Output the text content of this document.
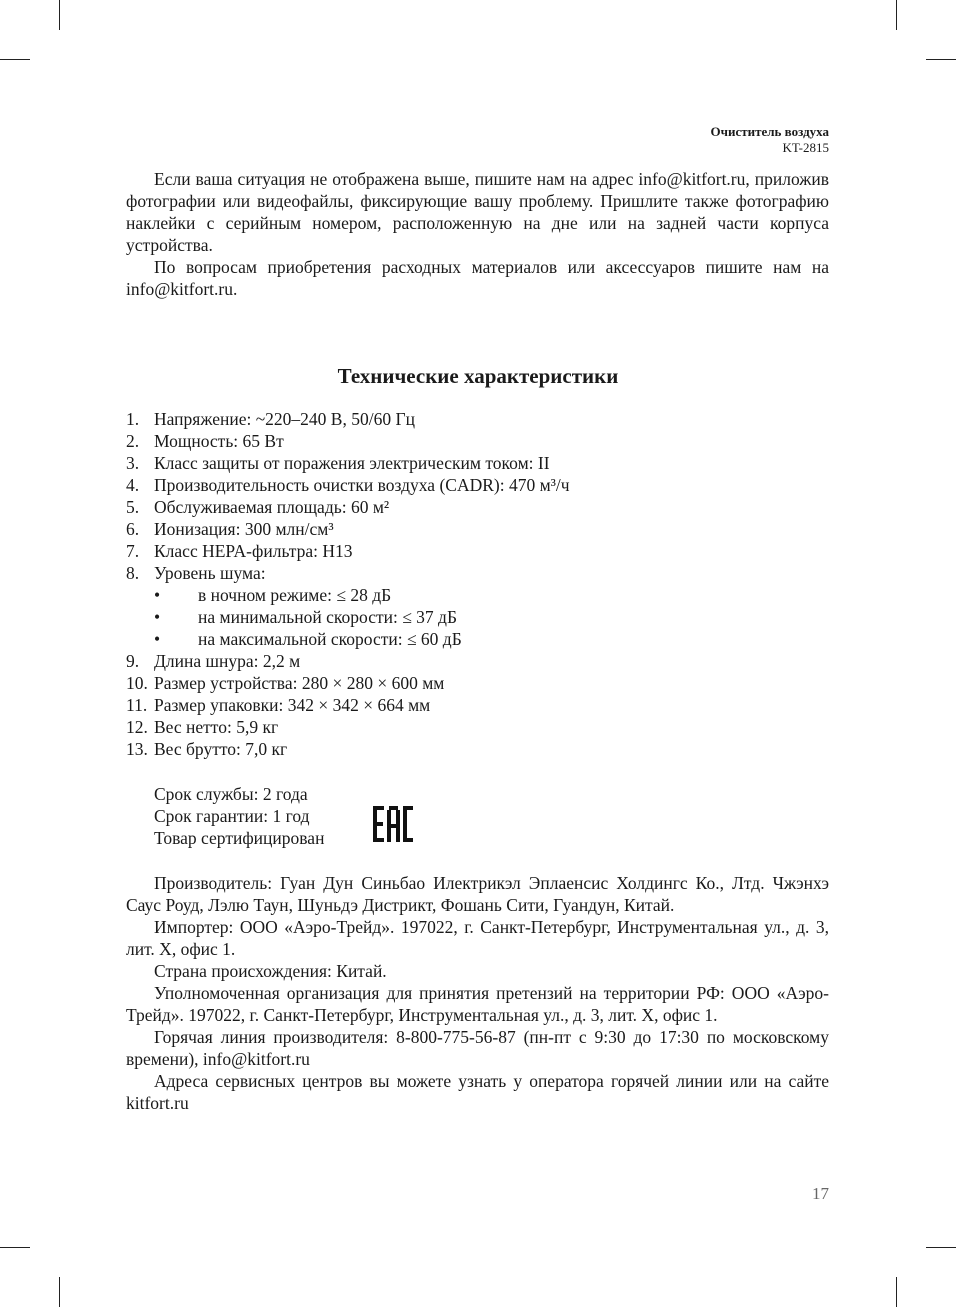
Очиститель воздуха
KT-2815

Если ваша ситуация не отображена выше, пишите нам на адрес info@kitfort.ru, приложив фотографии или видеофайлы, фиксирующие вашу проблему. Пришлите также фотографию наклейки с серийным номером, расположенную на дне или на задней части корпуса устройства.

По вопросам приобретения расходных материалов или аксессуаров пишите нам на info@kitfort.ru.

Технические характеристики
1. Напряжение: ~220–240 В, 50/60 Гц
2. Мощность: 65 Вт
3. Класс защиты от поражения электрическим током: II
4. Производительность очистки воздуха (CADR): 470 м³/ч
5. Обслуживаемая площадь: 60 м²
6. Ионизация: 300 млн/см³
7. Класс HEPA-фильтра: H13
8. Уровень шума:
• в ночном режиме: ≤ 28 дБ
• на минимальной скорости: ≤ 37 дБ
• на максимальной скорости: ≤ 60 дБ
9. Длина шнура: 2,2 м
10. Размер устройства: 280 × 280 × 600 мм
11. Размер упаковки: 342 × 342 × 664 мм
12. Вес нетто: 5,9 кг
13. Вес брутто: 7,0 кг
Срок службы: 2 года
Срок гарантии: 1 год
Товар сертифицирован

Производитель: Гуан Дун Синьбао Илектрикэл Эплаенсис Холдингс Ко., Лтд. Чжэнхэ Саус Роуд, Лэлю Таун, Шуньдэ Дистрикт, Фошань Сити, Гуандун, Китай.

Импортер: ООО «Аэро-Трейд». 197022, г. Санкт-Петербург, Инструментальная ул., д. 3, лит. Х, офис 1.

Страна происхождения: Китай.

Уполномоченная организация для принятия претензий на территории РФ: ООО «Аэро-Трейд». 197022, г. Санкт-Петербург, Инструментальная ул., д. 3, лит. Х, офис 1.

Горячая линия производителя: 8-800-775-56-87 (пн-пт с 9:30 до 17:30 по московскому времени), info@kitfort.ru

Адреса сервисных центров вы можете узнать у оператора горячей линии или на сайте kitfort.ru

17
